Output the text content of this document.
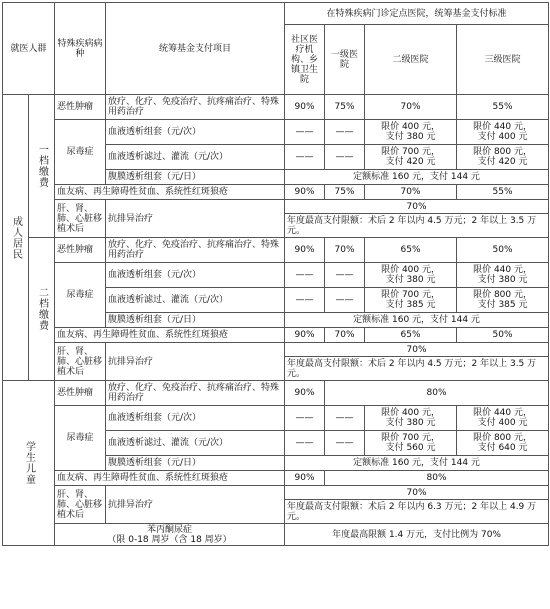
就医人群		特殊疾病病种	统筹基金支付项目	在特殊疾病门诊定点医院，统筹基金支付标准			
				社区医疗机构、乡镇卫生院	一级医院	二级医院	三级医院
成人居民	一档缴费	恶性肿瘤	放疗、化疗、免疫治疗、抗疼痛治疗、特殊用药治疗	90%	75%	70%	55%
		尿毒症	血液透析组套（元/次）	——	——	限价 400 元，
支付 380 元	限价 440 元，
支付 400 元
			血液透析滤过、灌流（元/次）	——	——	限价 700 元，
支付 420 元	限价 800 元，
支付 420 元
			腹膜透析组套（元/日）	定额标准 160 元，支付 144 元			
		血友病、再生障碍性贫血、系统性红斑狼疮		90%	75%	70%	55%
		肝、肾、肺、心脏移植术后	抗排异治疗	70%			
				年度最高支付限额：术后 2 年以内 4.5 万元；2 年以上 3.5 万元。			
	二档缴费	恶性肿瘤	放疗、化疗、免疫治疗、抗疼痛治疗、特殊用药治疗	90%	70%	65%	50%
		尿毒症	血液透析组套（元/次）	——	——	限价 400 元，
支付 380 元	限价 440 元，
支付 380 元
			血液透析滤过、灌流（元/次）	——	——	限价 700 元，
支付 385 元	限价 800 元，
支付 385 元
			腹膜透析组套（元/日）	定额标准 160 元，支付 144 元			
		血友病、再生障碍性贫血、系统性红斑狼疮		90%	70%	65%	50%
		肝、肾、肺、心脏移植术后	抗排异治疗	70%			
				年度最高支付限额：术后 2 年以内 4.5 万元；2 年以上 3.5 万元。			
学生儿童		恶性肿瘤	放疗、化疗、免疫治疗、抗疼痛治疗、特殊用药治疗	90%	80%		
		尿毒症	血液透析组套（元/次）	——	——	限价 400 元，
支付 380 元	限价 440 元，
支付 400 元
			血液透析滤过、灌流（元/次）	——	——	限价 700 元，
支付 560 元	限价 800 元，
支付 640 元
			腹膜透析组套（元/日）	定额标准 160 元，支付 144 元			
		血友病、再生障碍性贫血、系统性红斑狼疮		90%	80%		
		肝、肾、肺、心脏移植术后	抗排异治疗	70%			
				年度最高支付限额：术后 2 年以内 6.3 万元；2 年以上 4.9 万元。			
		苯丙酮尿症
（限 0-18 周岁（含 18 周岁）		年度最高限额 1.4 万元，支付比例为 70%			
